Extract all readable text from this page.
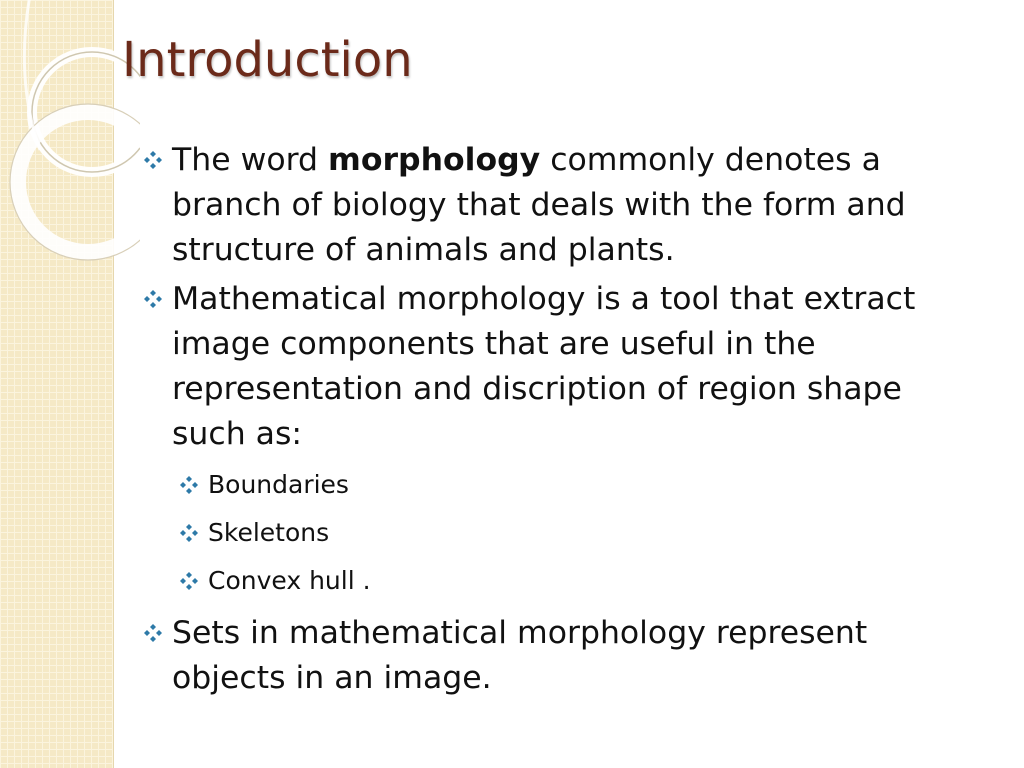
Introduction
The word morphology commonly denotes a branch of biology that deals with the form and structure of animals and plants.
Mathematical morphology is a tool that extract image components that are useful in the representation and discription of region shape such as:
Boundaries
Skeletons
Convex hull .
Sets in mathematical morphology represent objects in an image.
